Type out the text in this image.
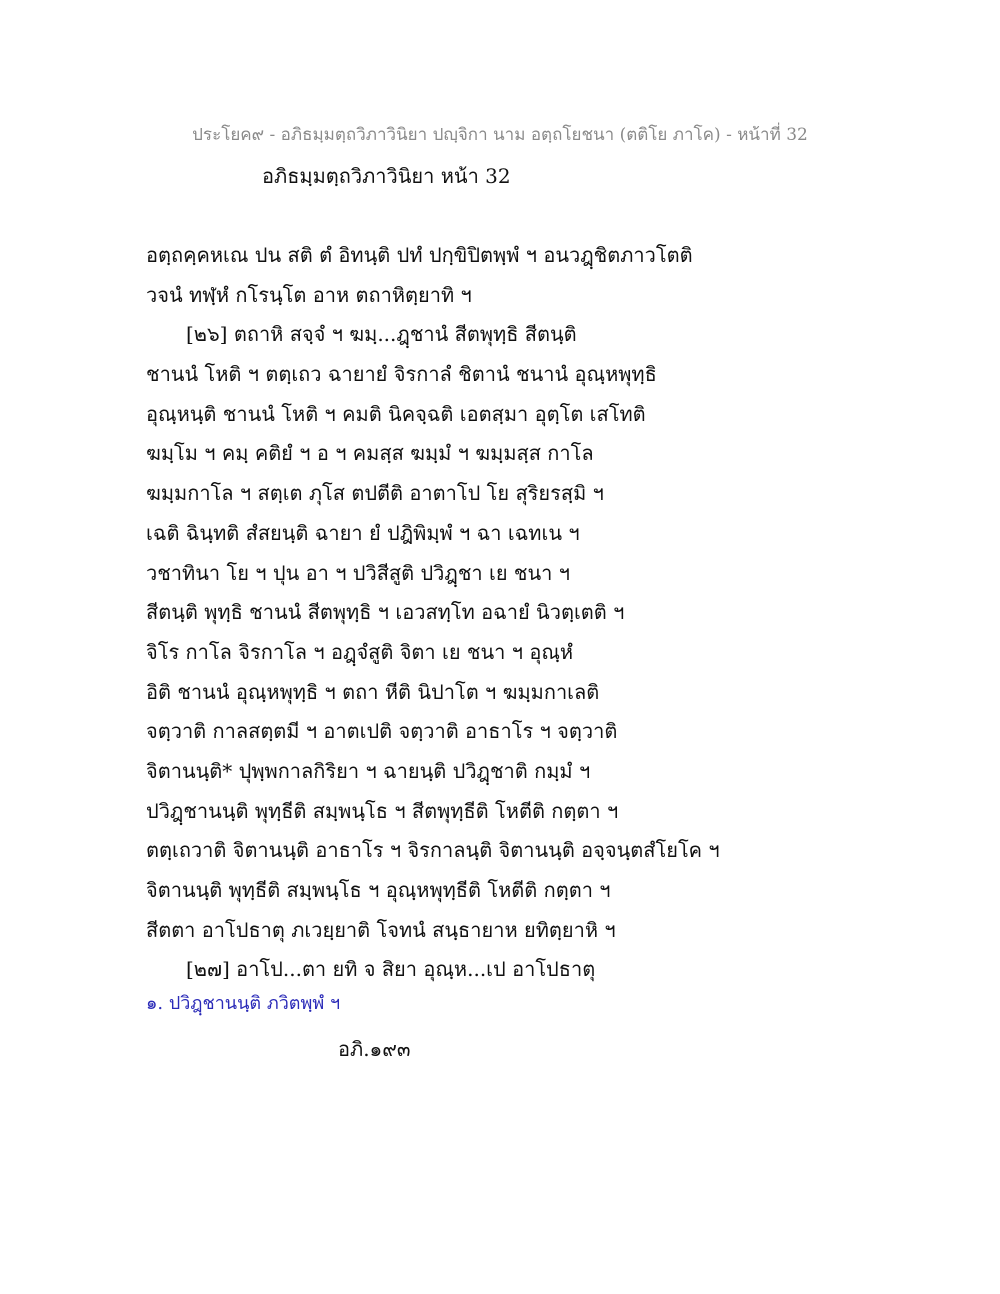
ประโยค๙ - อภิธมฺมตฺถวิภาวินิยา ปญฺจิกา นาม อตฺถโยชนา (ตติโย ภาโค) - หน้าที่ 32
อภิธมฺมตฺถวิภาวินิยา หน้า 32
อตฺถคฺคหเณ ปน สติ ตํ อิทนฺติ ปทํ ปกฺขิปิตพฺพํ ฯ อนวฎฺชิตภาวโตติ
วจนํ ทฬฺหํ กโรนฺโต อาห ตถาหิตฺยาทิ ฯ
[๒๖] ตถาหิ สจฺจํ ฯ ฆมฺ...ฎฺชานํ สีตพุทฺธิ สีตนฺติ
ชานนํ โหติ ฯ ตตฺเถว ฉายายํ จิรกาลํ ชิตานํ ชนานํ อุณฺหพุทฺธิ
อุณฺหนฺติ ชานนํ โหติ ฯ คมติ นิคจฺฉติ เอตสฺมา อุตฺโต เสโทติ
ฆมฺโม ฯ คมฺ คติยํ ฯ อ ฯ คมสฺส ฆมฺมํ ฯ ฆมฺมสฺส กาโล
ฆมฺมกาโล ฯ สตฺเต ภุโส ตปตีติ อาตาโป โย สุริยรสฺมิ ฯ
เฉติ ฉินฺทติ สํสยนฺติ ฉายา ยํ ปฎิพิมฺพํ ฯ ฉา เฉทเน ฯ
วชาทินา โย ฯ ปุน อา ฯ ปวิสีสูติ ปวิฎฺชา เย ชนา ฯ
สีตนฺติ พุทฺธิ ชานนํ สีตพุทฺธิ ฯ เอวสทฺโท อฉายํ นิวตฺเตติ ฯ
จิโร กาโล จิรกาโล ฯ อฎฺจํสูติ จิตา เย ชนา ฯ อุณฺหํ
อิติ ชานนํ อุณฺหพุทฺธิ ฯ ตถา หีติ นิปาโต ฯ ฆมฺมกาเลติ
จตฺวาติ กาลสตฺตมี ฯ อาตเปติ จตฺวาติ อาธาโร ฯ จตฺวาติ
จิตานนฺติ* ปุพฺพกาลกิริยา ฯ ฉายนฺติ ปวิฎฺชาติ กมฺมํ ฯ
ปวิฎฺชานนฺติ พุทฺธีติ สมฺพนฺโธ ฯ สีตพุทฺธีติ โหตีติ กตฺตา ฯ
ตตฺเถวาติ จิตานนฺติ อาธาโร ฯ จิรกาลนฺติ จิตานนฺติ อจฺจนฺตสํโยโค ฯ
จิตานนฺติ พุทฺธีติ สมฺพนฺโธ ฯ อุณฺหพุทฺธีติ โหตีติ กตฺตา ฯ
สีตตา อาโปธาตุ ภเวยฺยาติ โจทนํ สนฺธายาห ยทิตฺยาหิ ฯ
[๒๗] อาโป...ตา ยทิ จ สิยา อุณฺห...เป อาโปธาตุ
๑. ปวิฎฺชานนฺติ ภวิตพฺพํ ฯ
อภิ.๑๙๓
